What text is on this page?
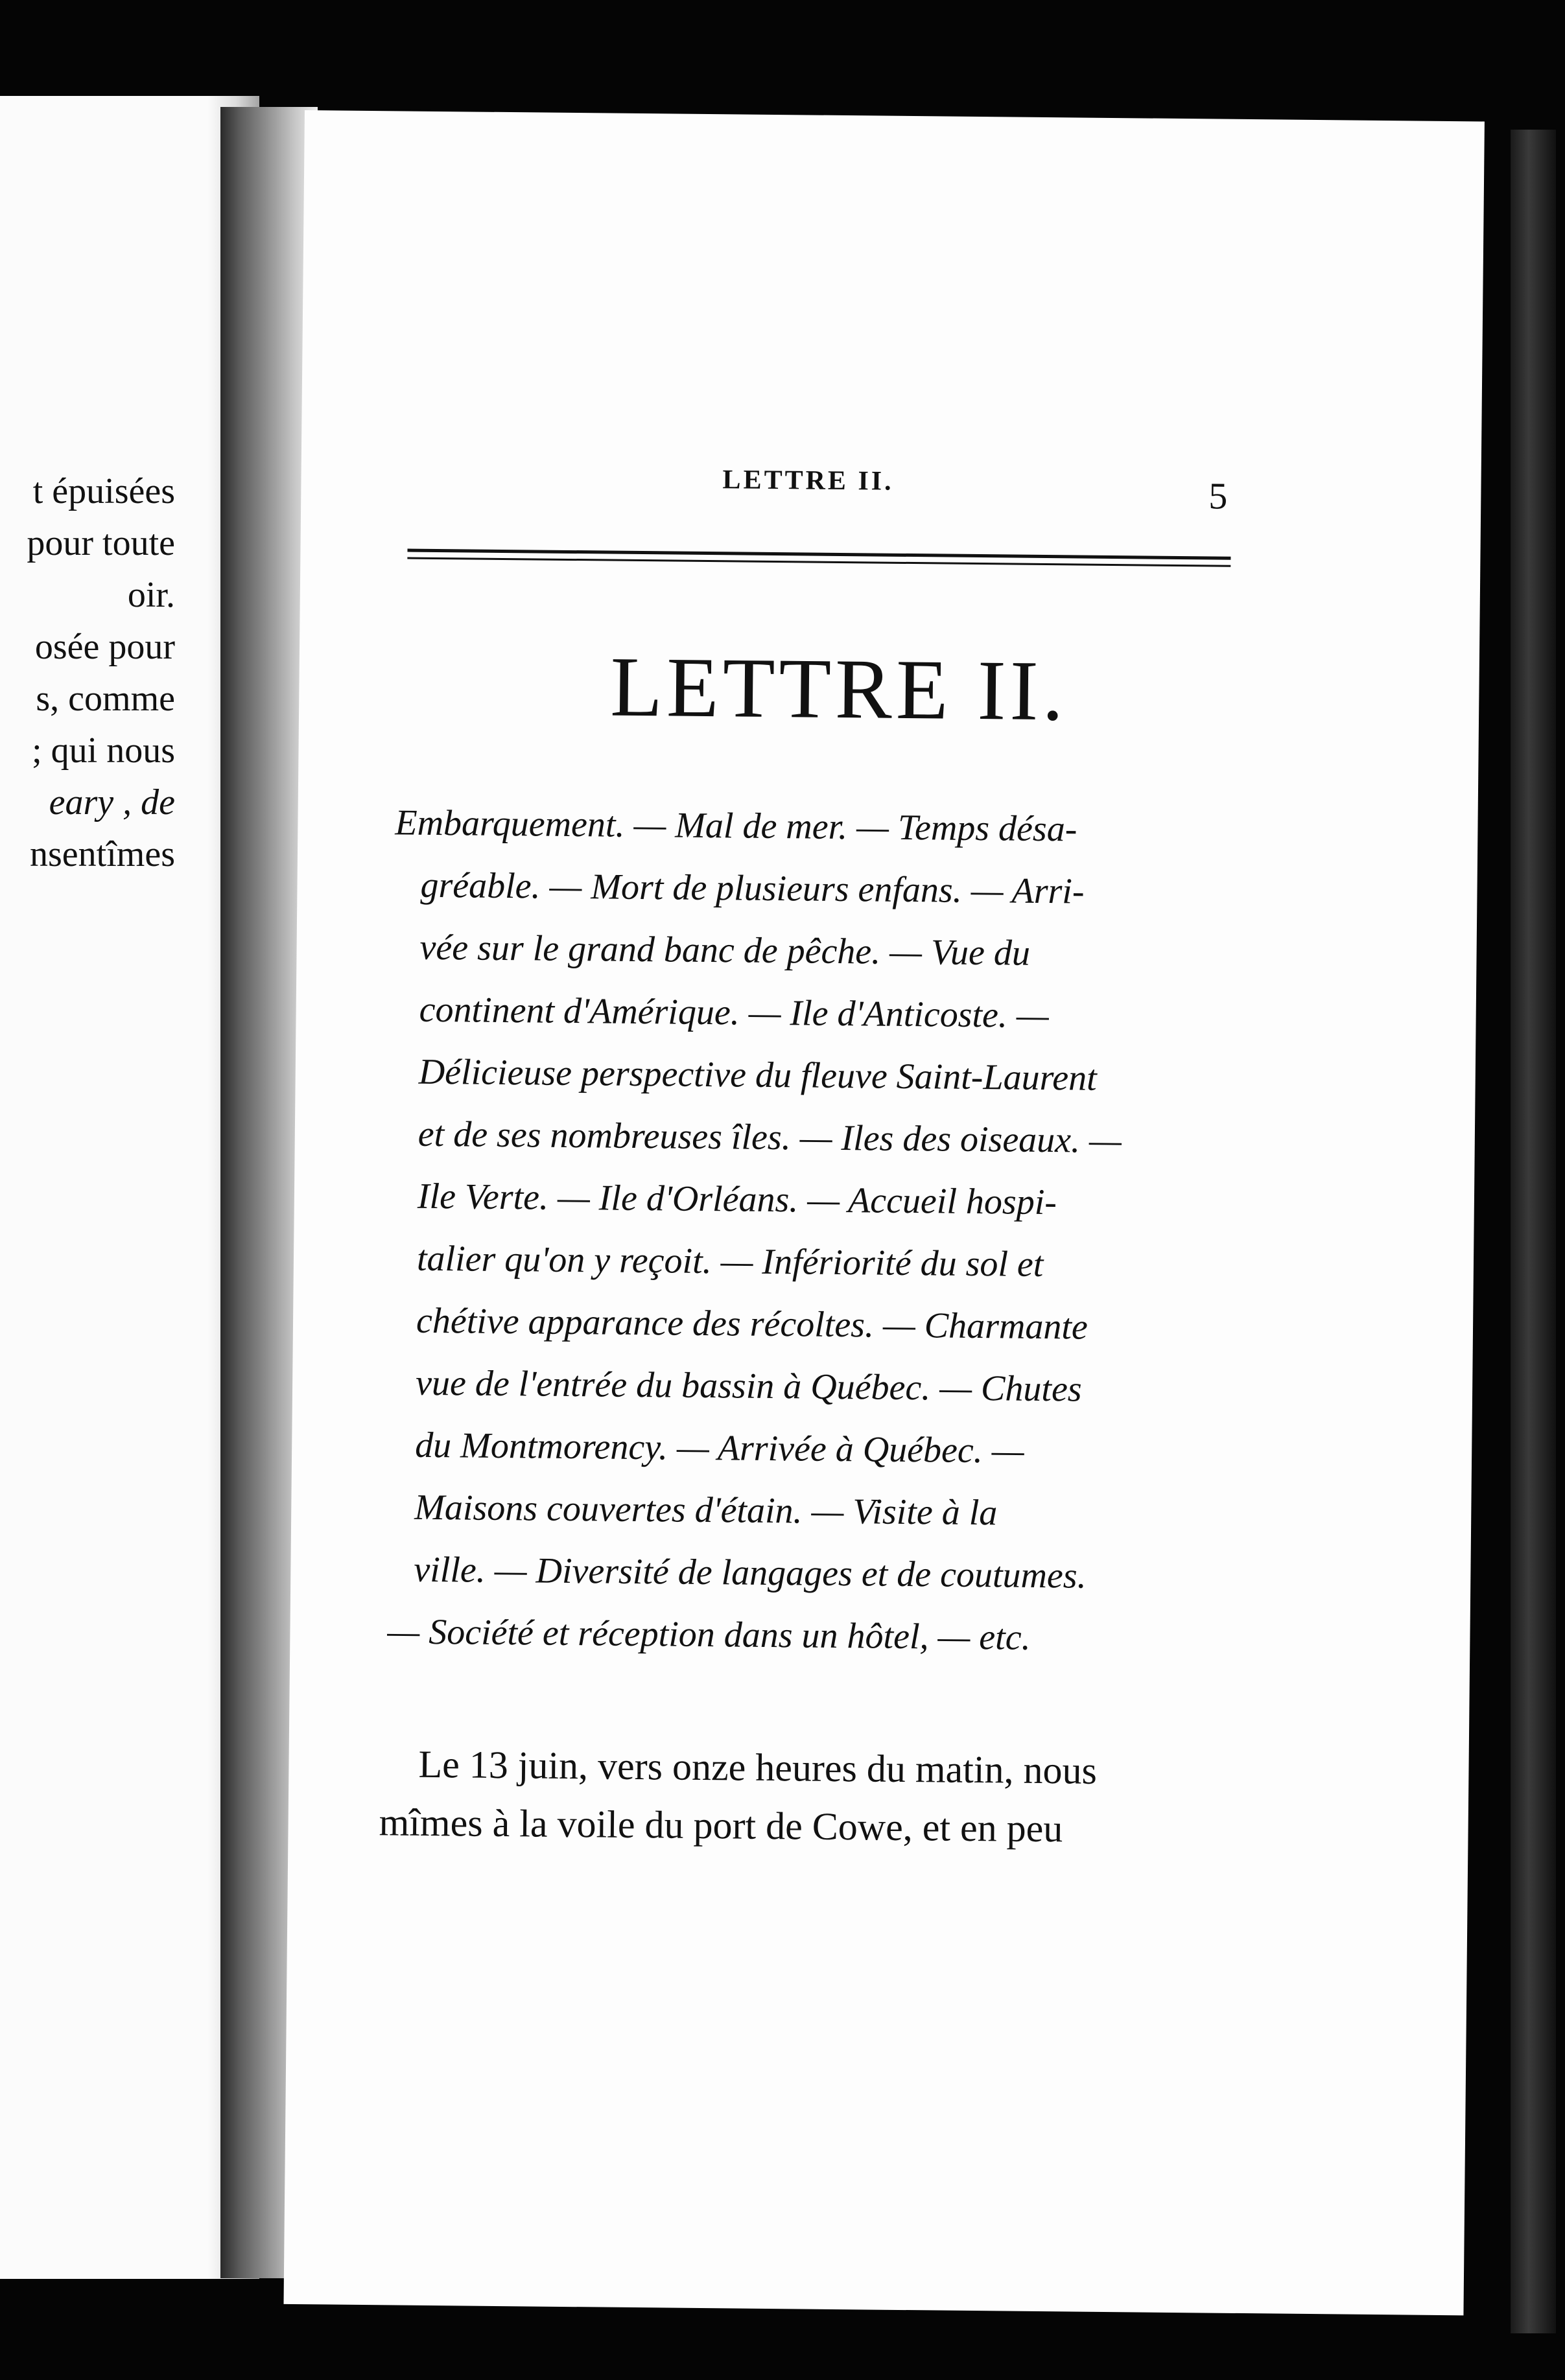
t épuisées
pour toute
oir.
osée pour
s, comme
; qui nous
eary , de
nsentîmes
LETTRE II.	5
LETTRE II.
Embarquement. — Mal de mer. — Temps désa-
gréable. — Mort de plusieurs enfans. — Arri-
vée sur le grand banc de pêche. — Vue du
continent d'Amérique. — Ile d'Anticoste. —
Délicieuse perspective du fleuve Saint-Laurent
et de ses nombreuses îles. — Iles des oiseaux. —
Ile Verte. — Ile d'Orléans. — Accueil hospi-
talier qu'on y reçoit. — Infériorité du sol et
chétive apparance des récoltes. — Charmante
vue de l'entrée du bassin à Québec. — Chutes
du Montmorency. — Arrivée à Québec. —
Maisons couvertes d'étain. — Visite à la
ville. — Diversité de langages et de coutumes.
— Société et réception dans un hôtel, — etc.
Le 13 juin, vers onze heures du matin, nous
mîmes à la voile du port de Cowe, et en peu
